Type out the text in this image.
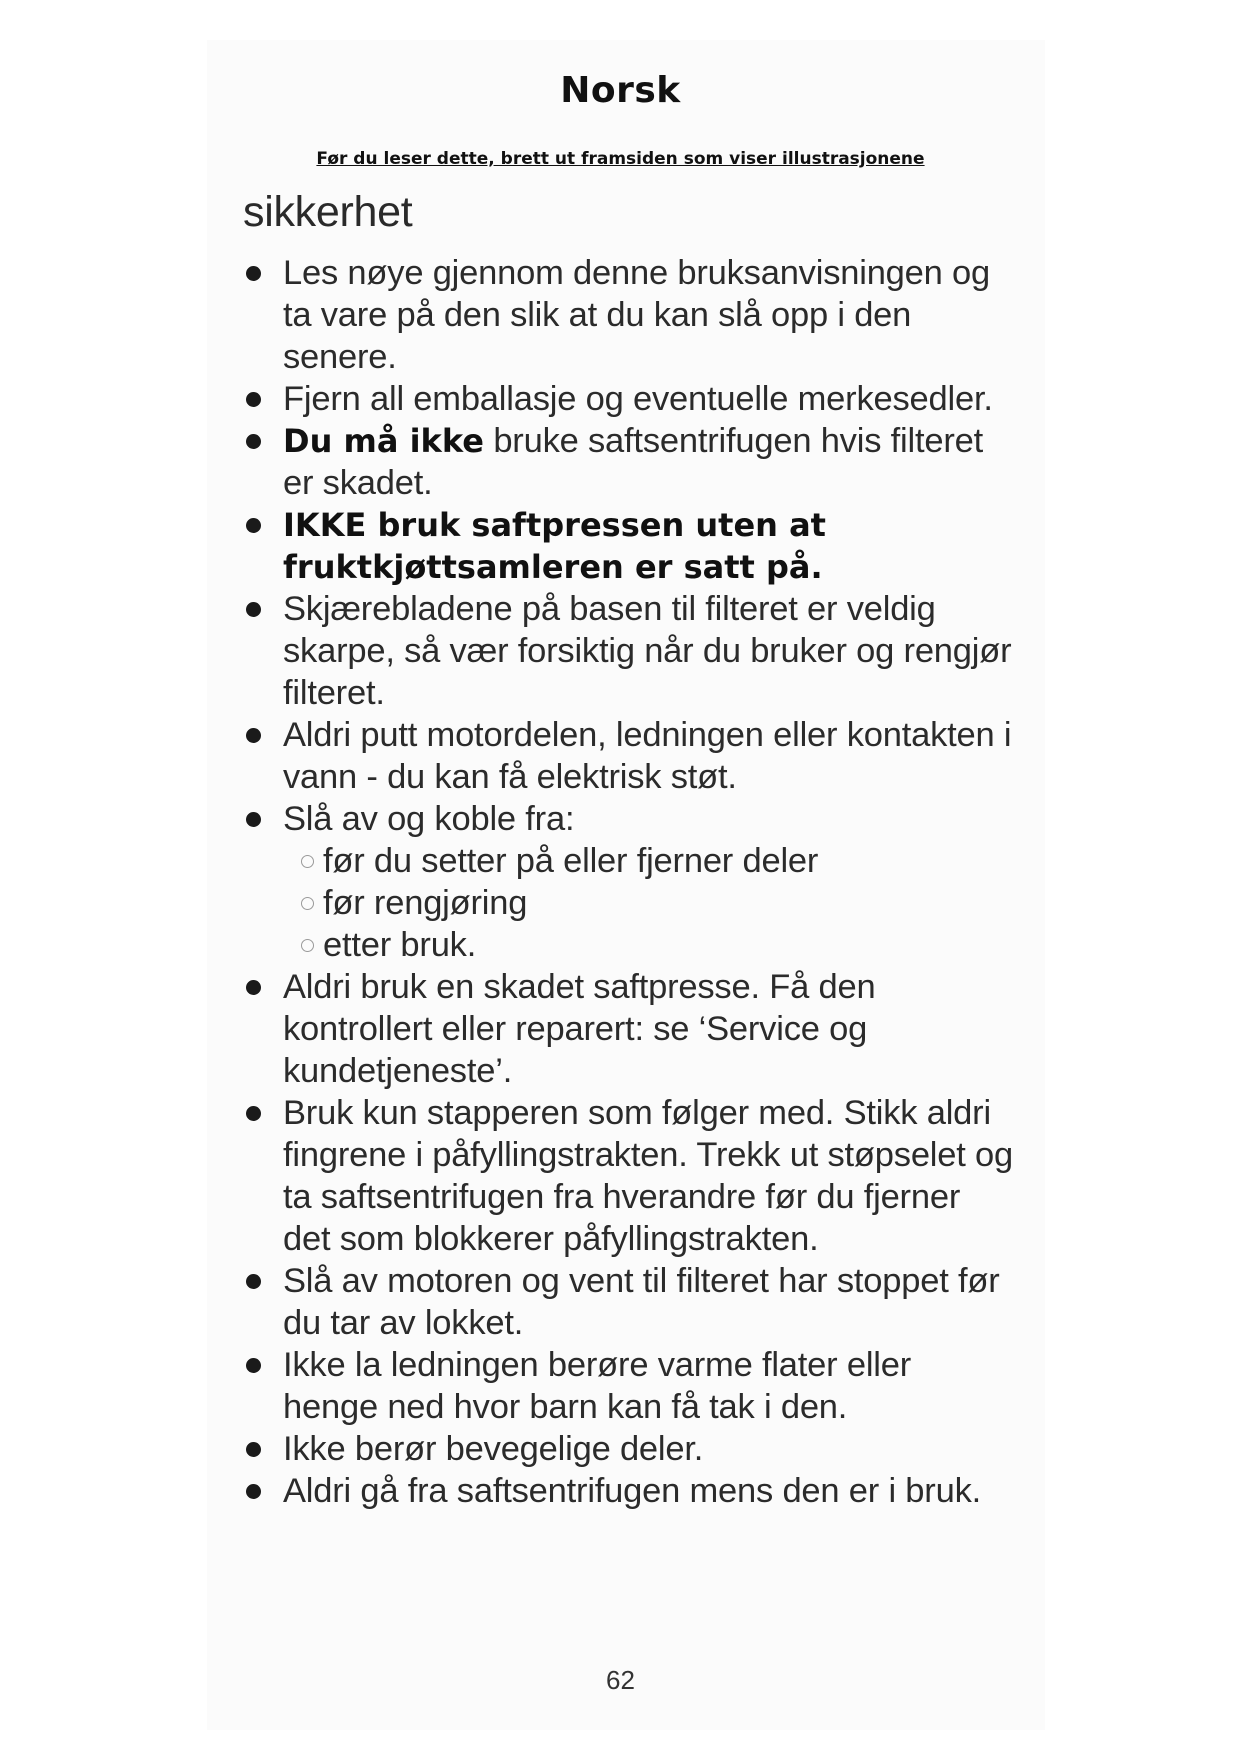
Norsk
Før du leser dette, brett ut framsiden som viser illustrasjonene
sikkerhet
Les nøye gjennom denne bruksanvisningen og ta vare på den slik at du kan slå opp i den senere.
Fjern all emballasje og eventuelle merkesedler.
Du må ikke bruke saftsentrifugen hvis filteret er skadet.
IKKE bruk saftpressen uten at fruktkjøttsamleren er satt på.
Skjærebladene på basen til filteret er veldig skarpe, så vær forsiktig når du bruker og rengjør filteret.
Aldri putt motordelen, ledningen eller kontakten i vann - du kan få elektrisk støt.
Slå av og koble fra:
før du setter på eller fjerner deler
før rengjøring
etter bruk.
Aldri bruk en skadet saftpresse. Få den kontrollert eller reparert: se ‘Service og kundetjeneste’.
Bruk kun stapperen som følger med. Stikk aldri fingrene i påfyllingstrakten. Trekk ut støpselet og ta saftsentrifugen fra hverandre før du fjerner det som blokkerer påfyllingstrakten.
Slå av motoren og vent til filteret har stoppet før du tar av lokket.
Ikke la ledningen berøre varme flater eller henge ned hvor barn kan få tak i den.
Ikke berør bevegelige deler.
Aldri gå fra saftsentrifugen mens den er i bruk.
62
